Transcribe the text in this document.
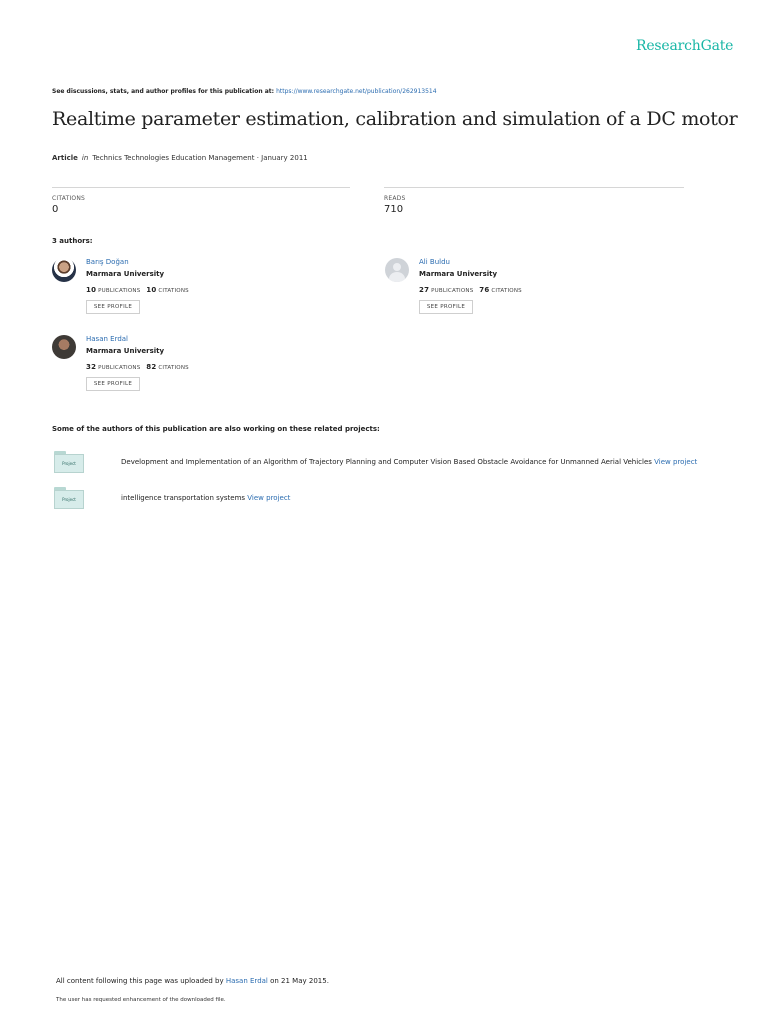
ResearchGate
See discussions, stats, and author profiles for this publication at: https://www.researchgate.net/publication/262913514
Realtime parameter estimation, calibration and simulation of a DC motor
Article in Technics Technologies Education Management · January 2011
CITATIONS
0
READS
710
3 authors:
Barış Doğan
Marmara University
10 PUBLICATIONS 10 CITATIONS
SEE PROFILE
Ali Buldu
Marmara University
27 PUBLICATIONS 76 CITATIONS
SEE PROFILE
Hasan Erdal
Marmara University
32 PUBLICATIONS 82 CITATIONS
SEE PROFILE
Some of the authors of this publication are also working on these related projects:
Project	Development and Implementation of an Algorithm of Trajectory Planning and Computer Vision Based Obstacle Avoidance for Unmanned Aerial Vehicles View project
Project	intelligence transportation systems View project
All content following this page was uploaded by Hasan Erdal on 21 May 2015.
The user has requested enhancement of the downloaded file.
